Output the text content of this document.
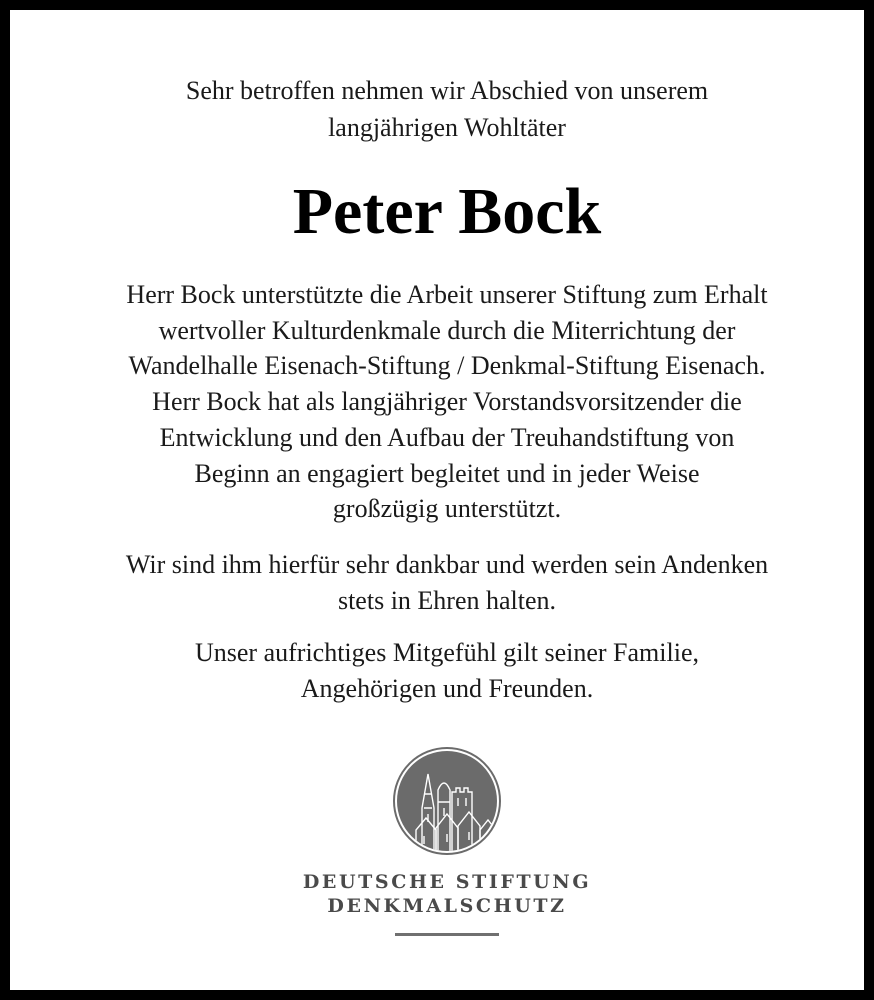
Sehr betroffen nehmen wir Abschied von unserem
langjährigen Wohltäter

Peter Bock

Herr Bock unterstützte die Arbeit unserer Stiftung zum Erhalt
wertvoller Kulturdenkmale durch die Miterrichtung der
Wandelhalle Eisenach-Stiftung / Denkmal-Stiftung Eisenach.
Herr Bock hat als langjähriger Vorstandsvorsitzender die
Entwicklung und den Aufbau der Treuhandstiftung von
Beginn an engagiert begleitet und in jeder Weise
großzügig unterstützt.

Wir sind ihm hierfür sehr dankbar und werden sein Andenken
stets in Ehren halten.

Unser aufrichtiges Mitgefühl gilt seiner Familie,
Angehörigen und Freunden.

DEUTSCHE STIFTUNG
DENKMALSCHUTZ
